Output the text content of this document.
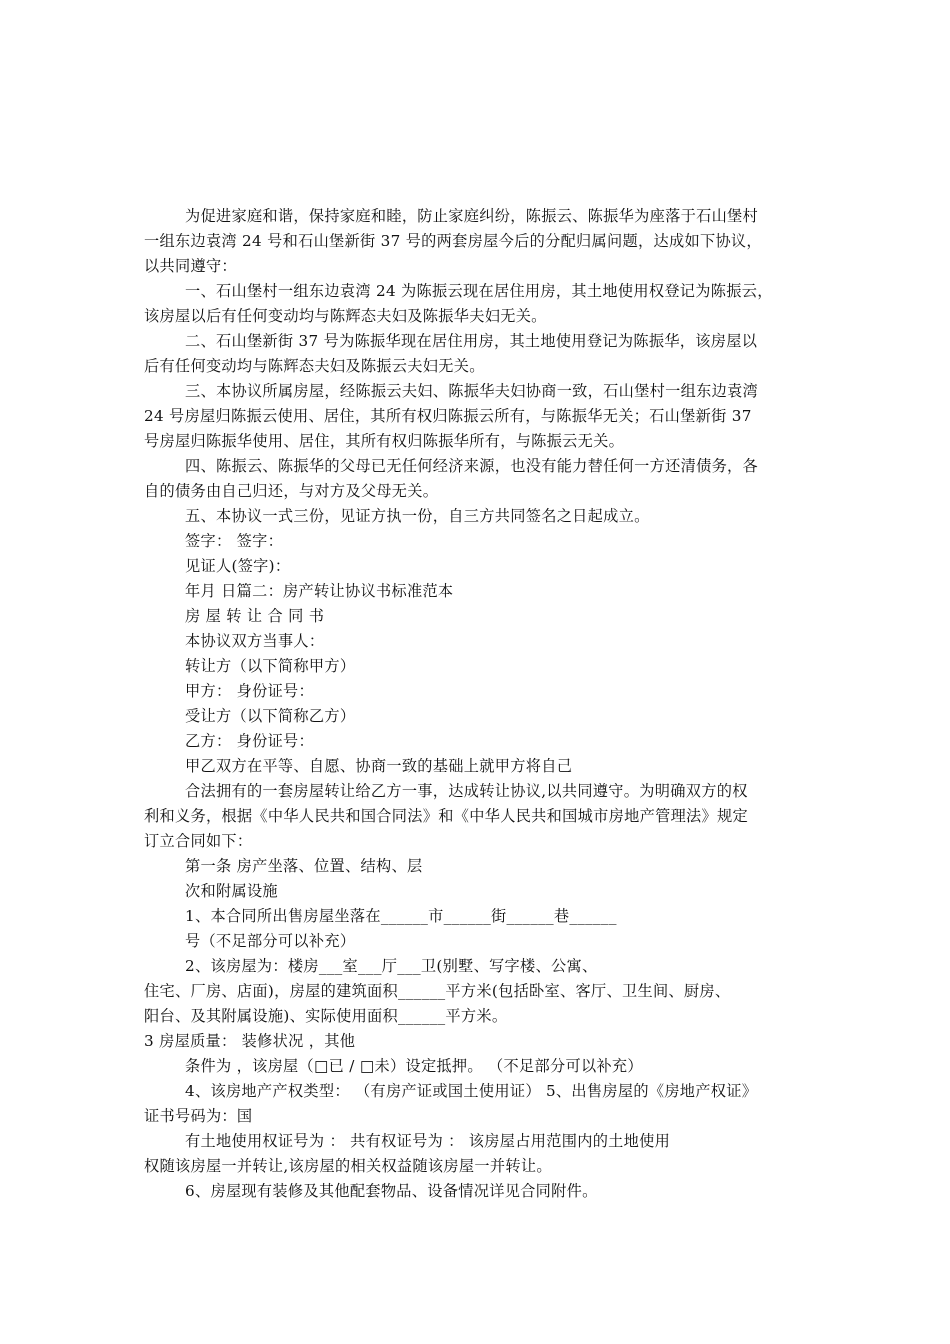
为促进家庭和谐，保持家庭和睦，防止家庭纠纷，陈振云、陈振华为座落于石山堡村
一组东边袁湾 24 号和石山堡新街 37 号的两套房屋今后的分配归属问题，达成如下协议，
以共同遵守：
一、石山堡村一组东边袁湾 24 为陈振云现在居住用房，其土地使用权登记为陈振云，
该房屋以后有任何变动均与陈辉态夫妇及陈振华夫妇无关。
二、石山堡新街 37 号为陈振华现在居住用房，其土地使用登记为陈振华，该房屋以
后有任何变动均与陈辉态夫妇及陈振云夫妇无关。
三、本协议所属房屋，经陈振云夫妇、陈振华夫妇协商一致，石山堡村一组东边袁湾
24 号房屋归陈振云使用、居住，其所有权归陈振云所有，与陈振华无关；石山堡新街 37
号房屋归陈振华使用、居住，其所有权归陈振华所有，与陈振云无关。
四、陈振云、陈振华的父母已无任何经济来源，也没有能力替任何一方还清债务，各
自的债务由自己归还，与对方及父母无关。
五、本协议一式三份，见证方执一份，自三方共同签名之日起成立。
签字： 签字：
见证人(签字)：
年月 日篇二：房产转让协议书标准范本
房 屋 转 让 合 同 书
本协议双方当事人：
转让方（以下简称甲方）
甲方： 身份证号：
受让方（以下简称乙方）
乙方： 身份证号：
甲乙双方在平等、自愿、协商一致的基础上就甲方将自己
合法拥有的一套房屋转让给乙方一事，达成转让协议,以共同遵守。为明确双方的权
利和义务，根据《中华人民共和国合同法》和《中华人民共和国城市房地产管理法》规定
订立合同如下：
第一条 房产坐落、位置、结构、层
次和附属设施
1、本合同所出售房屋坐落在______市______街______巷______
号（不足部分可以补充）
2、该房屋为：楼房___室___厅___卫(别墅、写字楼、公寓、
住宅、厂房、店面)，房屋的建筑面积______平方米(包括卧室、客厅、卫生间、厨房、
阳台、及其附属设施)、实际使用面积______平方米。
3 房屋质量： 装修状况 ，其他
条件为 ，该房屋（□已 / □未）设定抵押。 （不足部分可以补充）
4、该房地产产权类型： （有房产证或国土使用证） 5、出售房屋的《房地产权证》
证书号码为：国
有土地使用权证号为 ： 共有权证号为 ： 该房屋占用范围内的土地使用
权随该房屋一并转让,该房屋的相关权益随该房屋一并转让。
6、房屋现有装修及其他配套物品、设备情况详见合同附件。
